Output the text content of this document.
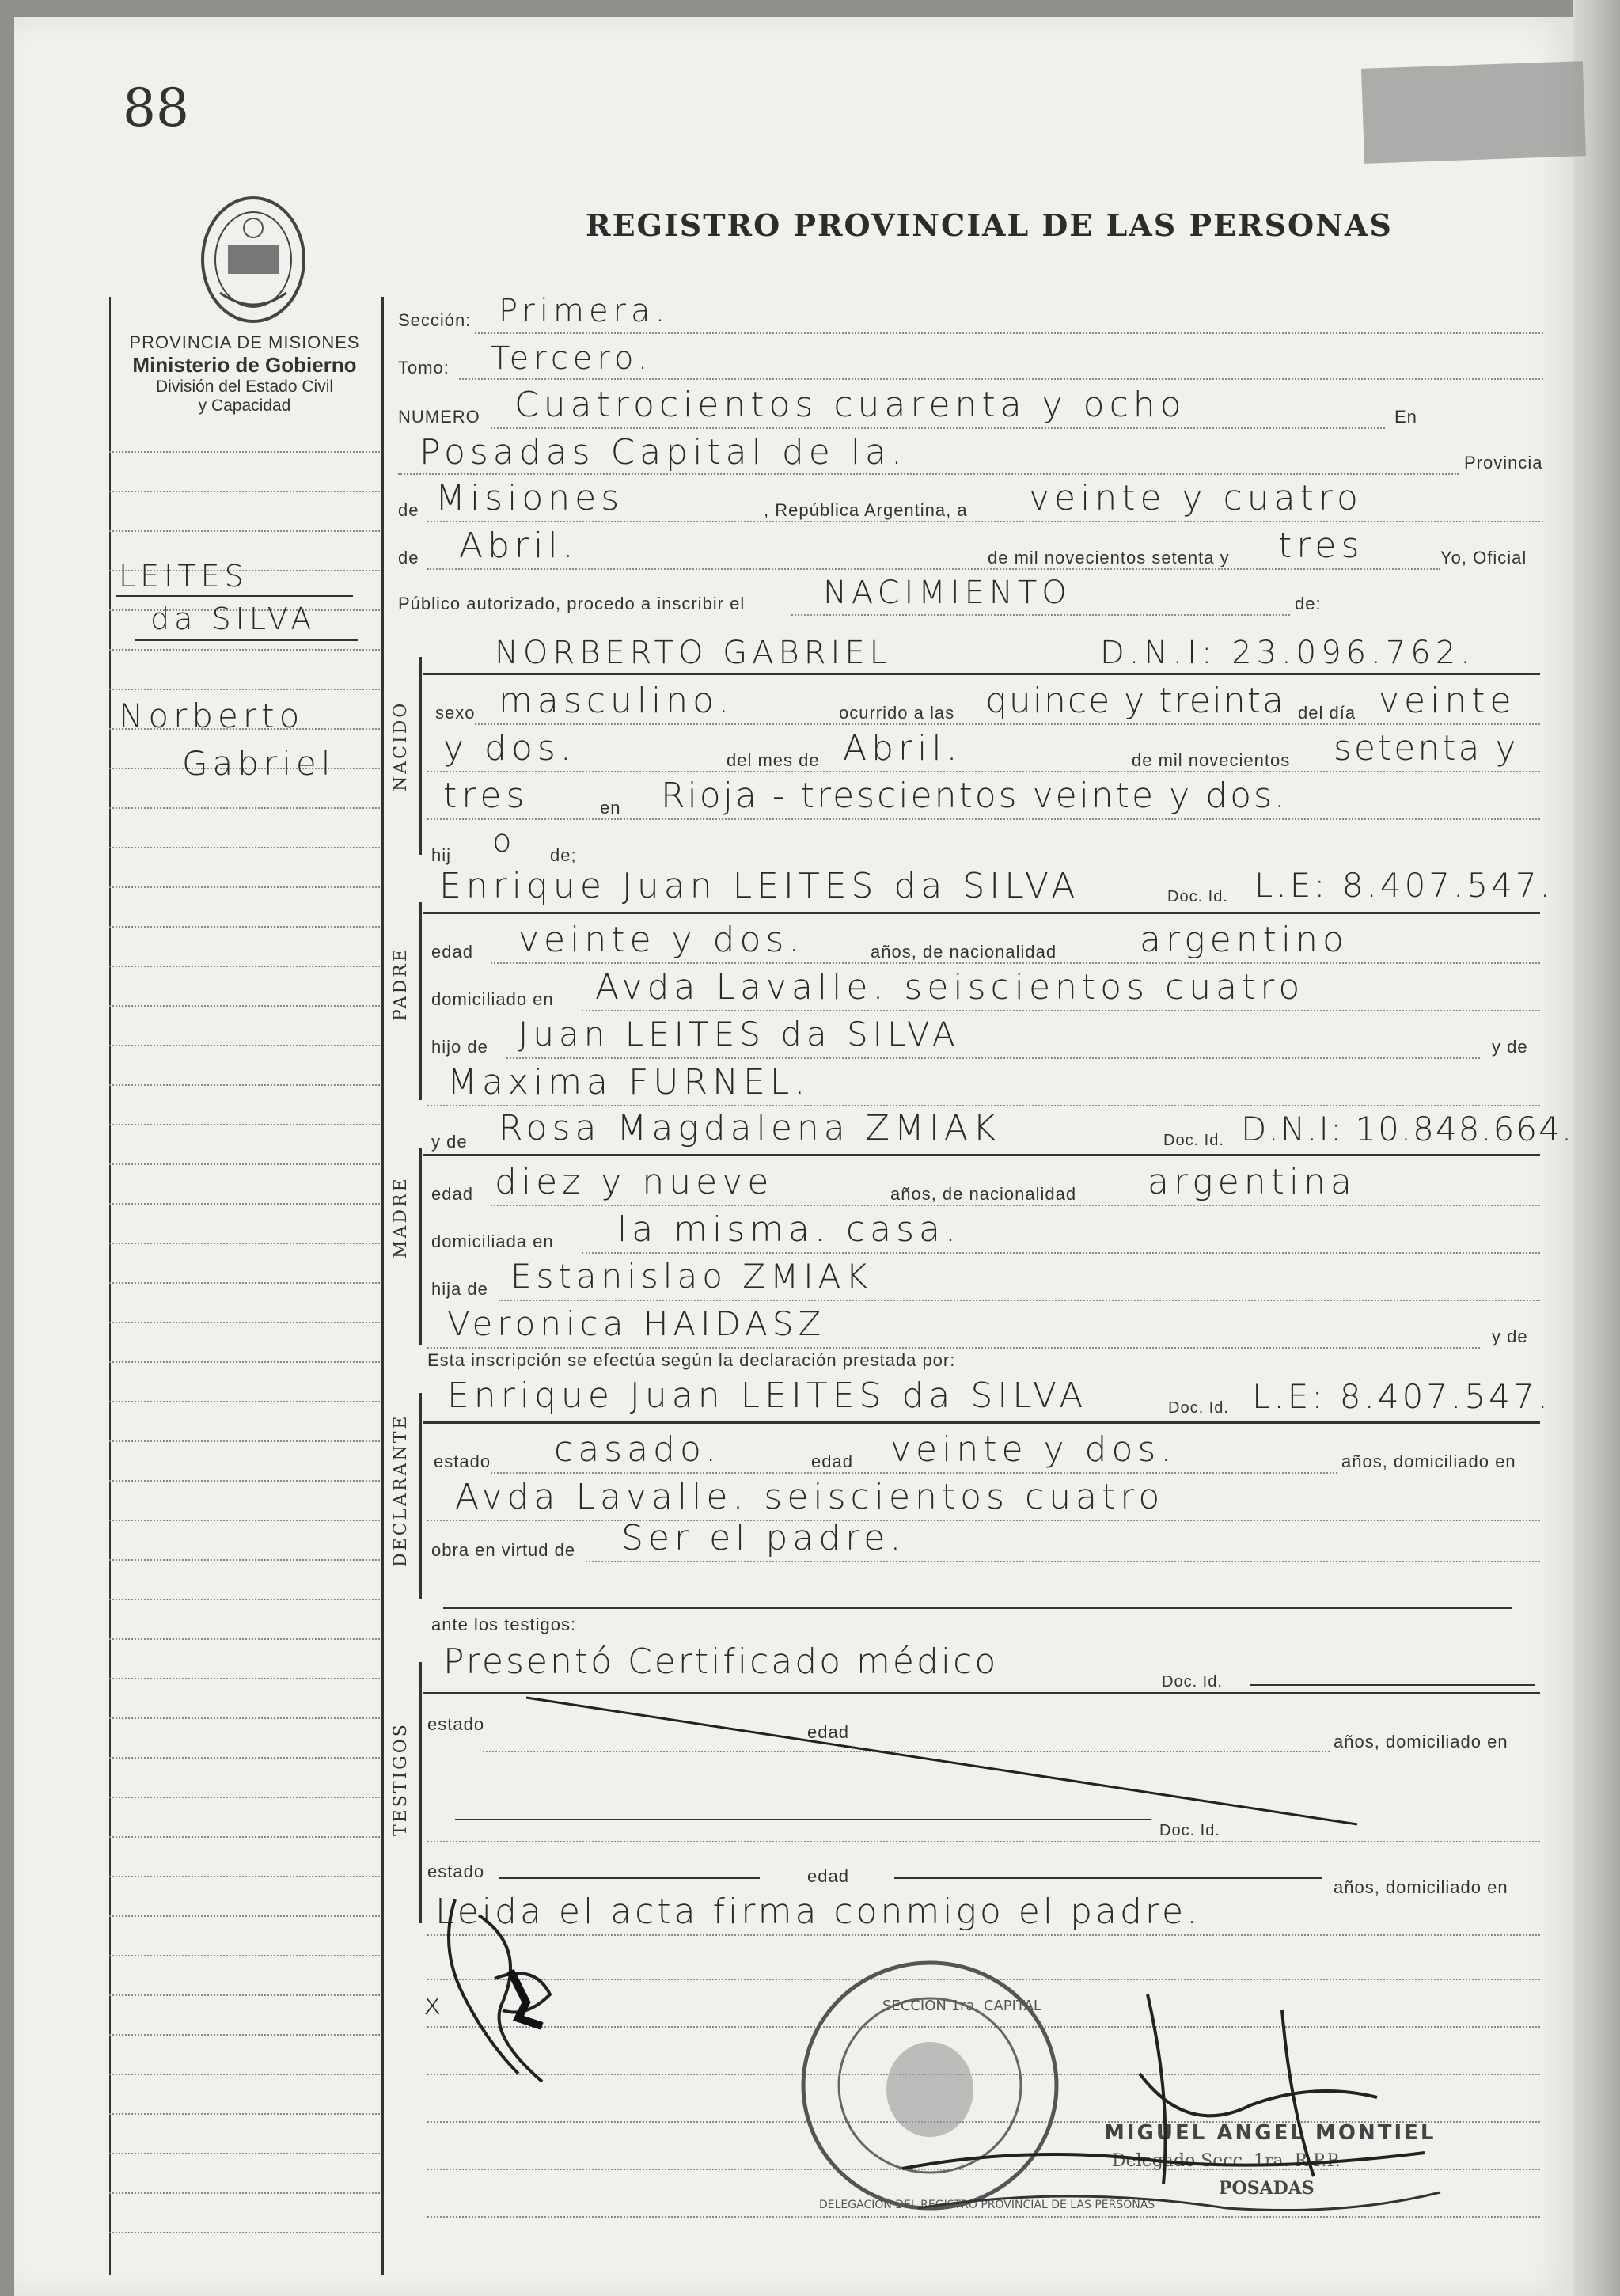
88
REGISTRO PROVINCIAL DE LAS PERSONAS
PROVINCIA DE MISIONES
Ministerio de Gobierno
División del Estado Civil
y Capacidad
LEITES
da SILVA
Norberto
Gabriel
Sección: Primera.
Tomo: Tercero.
NUMERO Cuatrocientos cuarenta y ocho	En
Posadas Capital de la.	Provincia
de Misiones	, República Argentina, a veinte y cuatro
de Abril.	de mil novecientos setenta y tres	Yo, Oficial
Público autorizado, procedo a inscribir el NACIMIENTO	de:
NACIDO
NORBERTO GABRIEL	D.N.I: 23.096.762.
sexo masculino.	ocurrido a las quince y treinta del día veinte
y dos.	del mes de Abril.	de mil novecientos setenta y
tres	en Rioja - trescientos veinte y dos.
hij o de;
PADRE
Enrique Juan LEITES da SILVA	Doc. Id. L.E: 8.407.547.
edad veinte y dos.	años, de nacionalidad argentino
domiciliado en Avda Lavalle. seiscientos cuatro
hijo de Juan LEITES da SILVA	y de
Maxima FURNEL.
MADRE
y de Rosa Magdalena ZMIAK	Doc. Id. D.N.I: 10.848.664.
edad diez y nueve	años, de nacionalidad argentina
domiciliada en la misma. casa.
hija de Estanislao ZMIAK
Veronica HAIDASZ	y de
Esta inscripción se efectúa según la declaración prestada por:
DECLARANTE
Enrique Juan LEITES da SILVA	Doc. Id. L.E: 8.407.547.
estado casado.	edad veinte y dos.	años, domiciliado en
Avda Lavalle. seiscientos cuatro
obra en virtud de Ser el padre.
ante los testigos:
TESTIGOS
Presentó Certificado médico	Doc. Id.
estado	edad	años, domiciliado en
Doc. Id.
estado	edad
años, domiciliado en
Leida el acta firma conmigo el padre.
x	SECCION 1ra. CAPITAL
DELEGACION DEL REGISTRO PROVINCIAL DE LAS PERSONAS
MIGUEL ANGEL MONTIEL
Delegado Secc. 1ra. R.P.P.
POSADAS
